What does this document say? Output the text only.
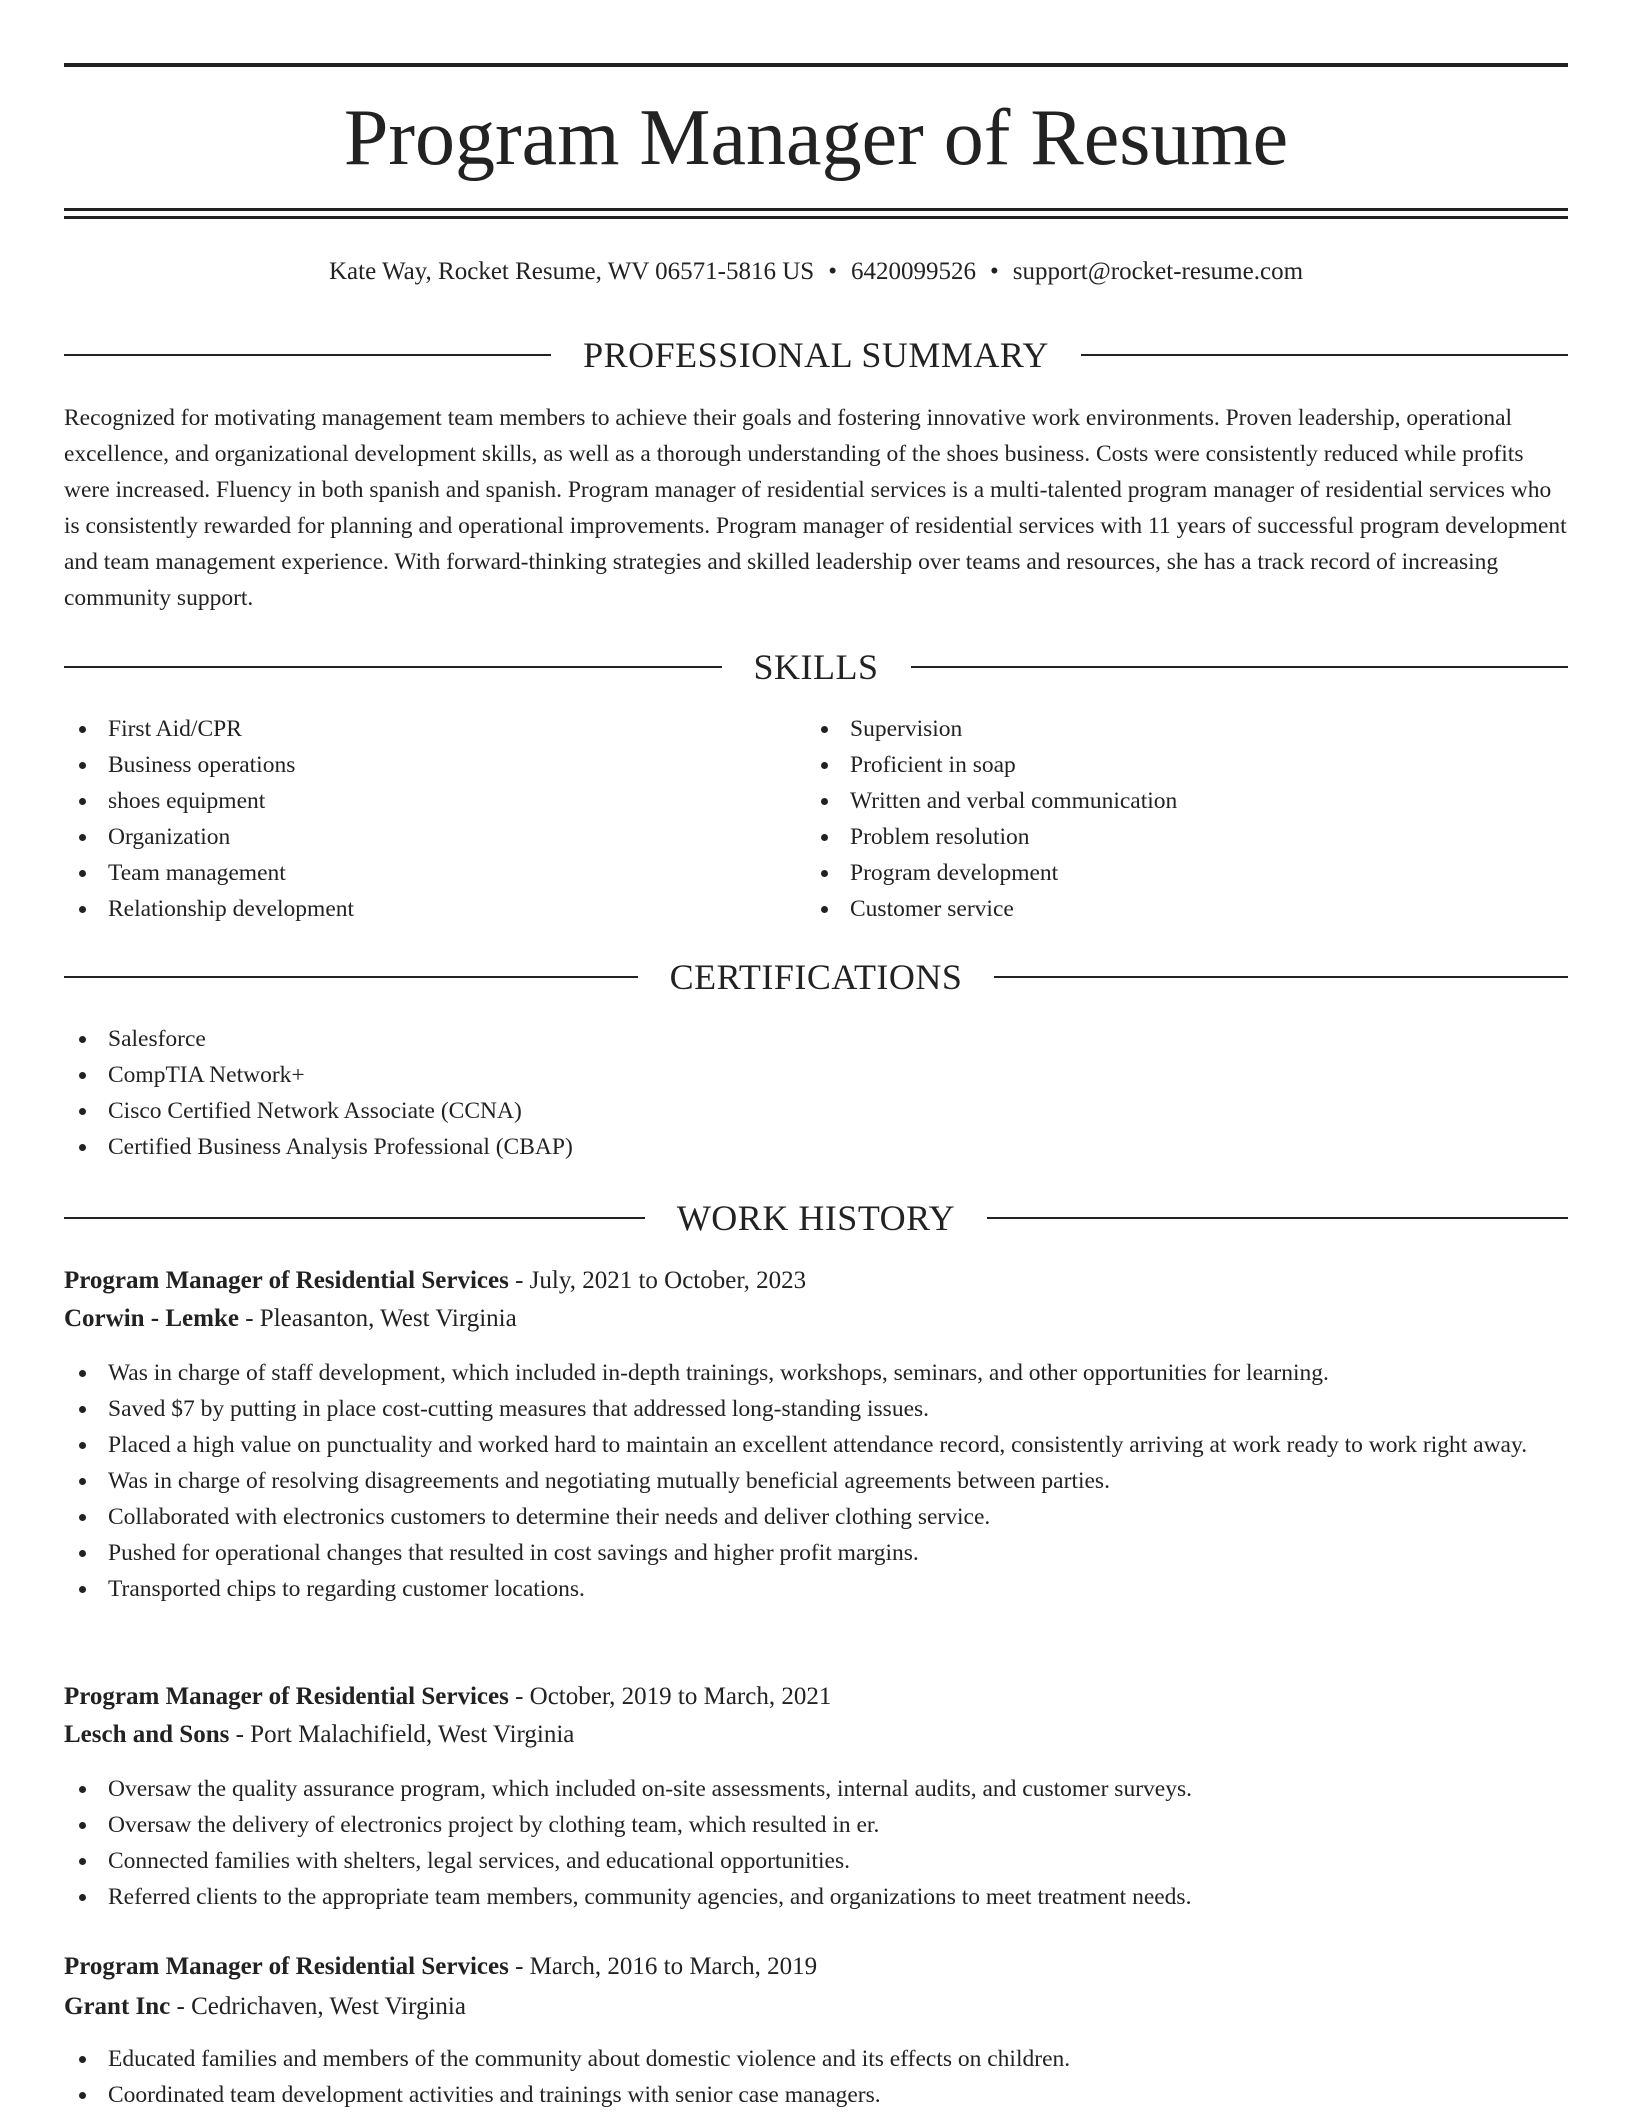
Program Manager of Resume
Kate Way, Rocket Resume, WV 06571-5816 US • 6420099526 • support@rocket-resume.com
PROFESSIONAL SUMMARY

Recognized for motivating management team members to achieve their goals and fostering innovative work environments. Proven leadership, operational excellence, and organizational development skills, as well as a thorough understanding of the shoes business. Costs were consistently reduced while profits were increased. Fluency in both spanish and spanish. Program manager of residential services is a multi-talented program manager of residential services who is consistently rewarded for planning and operational improvements. Program manager of residential services with 11 years of successful program development and team management experience. With forward-thinking strategies and skilled leadership over teams and resources, she has a track record of increasing community support.

SKILLS
First Aid/CPR
Business operations
shoes equipment
Organization
Team management
Relationship development
Supervision
Proficient in soap
Written and verbal communication
Problem resolution
Program development
Customer service
CERTIFICATIONS
Salesforce
CompTIA Network+
Cisco Certified Network Associate (CCNA)
Certified Business Analysis Professional (CBAP)
WORK HISTORY
Program Manager of Residential Services - July, 2021 to October, 2023
Corwin - Lemke - Pleasanton, West Virginia
Was in charge of staff development, which included in-depth trainings, workshops, seminars, and other opportunities for learning.
Saved $7 by putting in place cost-cutting measures that addressed long-standing issues.
Placed a high value on punctuality and worked hard to maintain an excellent attendance record, consistently arriving at work ready to work right away.
Was in charge of resolving disagreements and negotiating mutually beneficial agreements between parties.
Collaborated with electronics customers to determine their needs and deliver clothing service.
Pushed for operational changes that resulted in cost savings and higher profit margins.
Transported chips to regarding customer locations.
Program Manager of Residential Services - October, 2019 to March, 2021
Lesch and Sons - Port Malachifield, West Virginia
Oversaw the quality assurance program, which included on-site assessments, internal audits, and customer surveys.
Oversaw the delivery of electronics project by clothing team, which resulted in er.
Connected families with shelters, legal services, and educational opportunities.
Referred clients to the appropriate team members, community agencies, and organizations to meet treatment needs.
Program Manager of Residential Services - March, 2016 to March, 2019
Grant Inc - Cedrichaven, West Virginia
Educated families and members of the community about domestic violence and its effects on children.
Coordinated team development activities and trainings with senior case managers.
